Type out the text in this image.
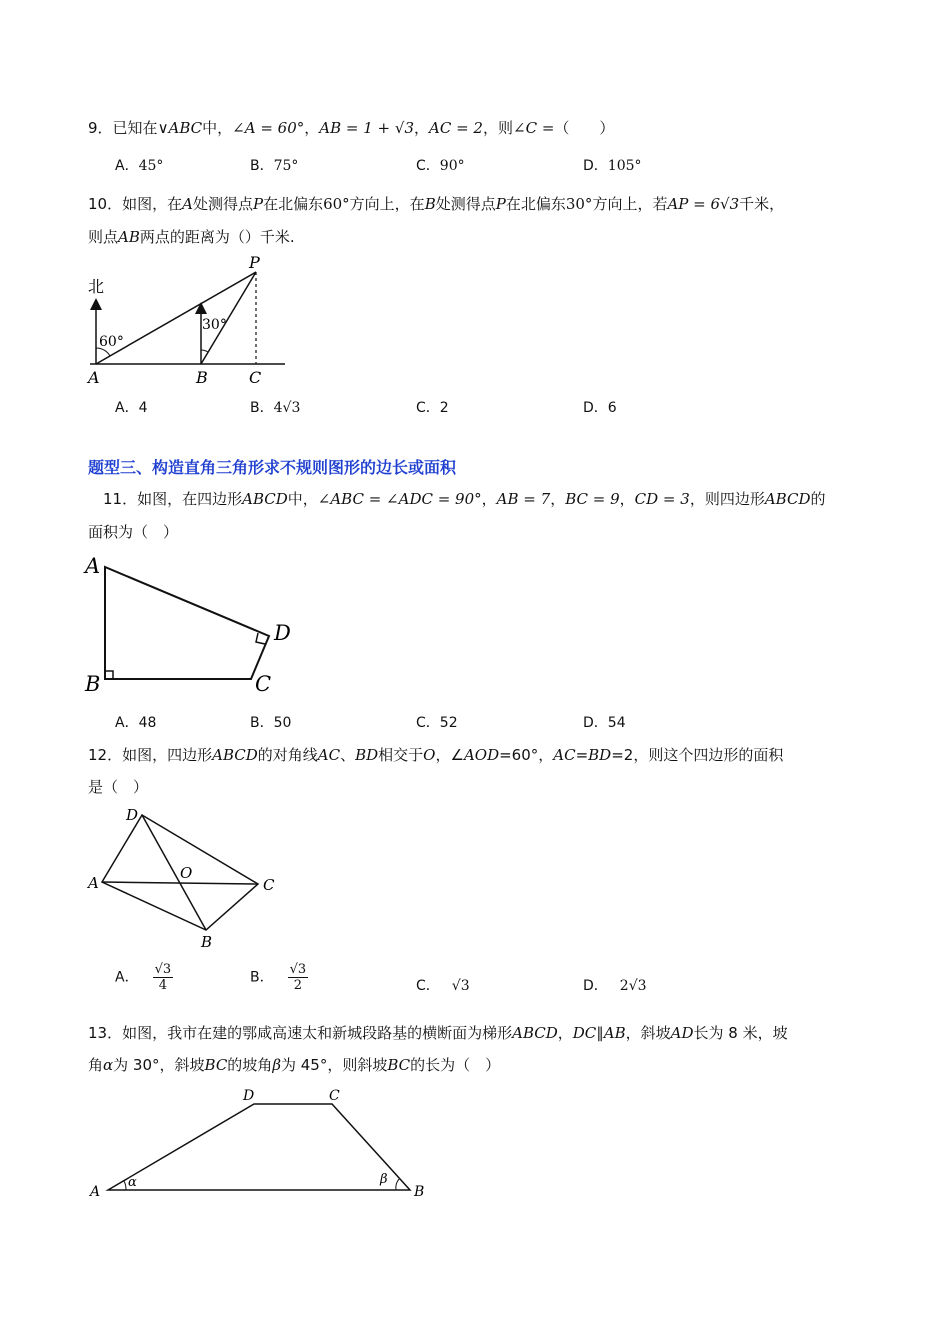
9．已知在∨ABC中，∠A = 60°，AB = 1 + √3，AC = 2，则∠C =（　　）
A．45°	B．75°	C．90°	D．105°
10．如图，在A处测得点P在北偏东60°方向上，在B处测得点P在北偏东30°方向上，若AP = 6√3千米，
则点AB两点的距离为（）千米.
北
60°
30°
P
A	B	C
A．4	B．4√3	C．2	D．6
题型三、构造直角三角形求不规则图形的边长或面积
11．如图，在四边形ABCD中，∠ABC = ∠ADC = 90°，AB = 7，BC = 9，CD = 3，则四边形ABCD的
面积为（　）
A
B	C
D
A．48	B．50	C．52	D．54
12．如图，四边形ABCD的对角线AC、BD相交于O，∠AOD=60°，AC=BD=2，则这个四边形的面积
是（　）
D
A	C
B
O
A． $\frac{√3}{4}$	B． $\frac{√3}{2}$	C． √3	D． 2√3
13．如图，我市在建的鄂咸高速太和新城段路基的横断面为梯形ABCD，DC∥AB，斜坡AD长为 8 米，坡
角α为 30°，斜坡BC的坡角β为 45°，则斜坡BC的长为（　）
A	B
C
D
α	β
